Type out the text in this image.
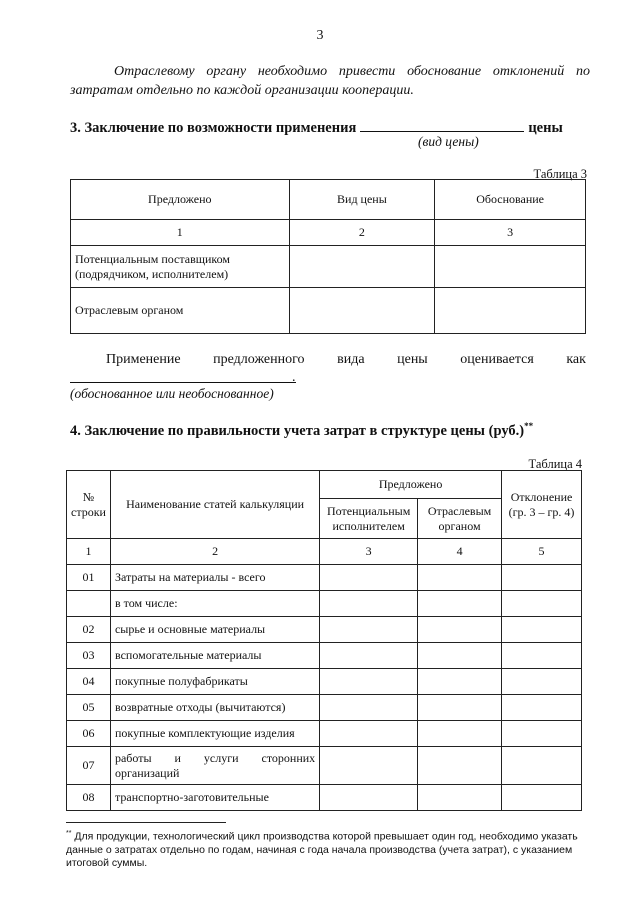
3
Отраслевому органу необходимо привести обоснование отклонений по затратам отдельно по каждой организации кооперации.
3. Заключение по возможности применения	цены
(вид цены)
Таблица 3
Предложено	Вид цены	Обоснование
1	2	3
Потенциальным поставщиком (подрядчиком, исполнителем)		
Отраслевым органом		
Применение предложенного вида цены оценивается как
.
(обоснованное или необоснованное)
4. Заключение по правильности учета затрат в структуре цены (руб.)**
Таблица 4
№ строки	Наименование статей калькуляции	Предложено		Отклонение (гр. 3 – гр. 4)
		Потенциальным исполнителем	Отраслевым органом	
1	2	3	4	5
01	Затраты на материалы - всего			
	в том числе:			
02	сырье и основные материалы			
03	вспомогательные материалы			
04	покупные полуфабрикаты			
05	возвратные отходы (вычитаются)			
06	покупные комплектующие изделия			
07	работы и услуги сторонних организаций			
08	транспортно-заготовительные			
** Для продукции, технологический цикл производства которой превышает один год, необходимо указать данные о затратах отдельно по годам, начиная с года начала производства (учета затрат), с указанием итоговой суммы.
